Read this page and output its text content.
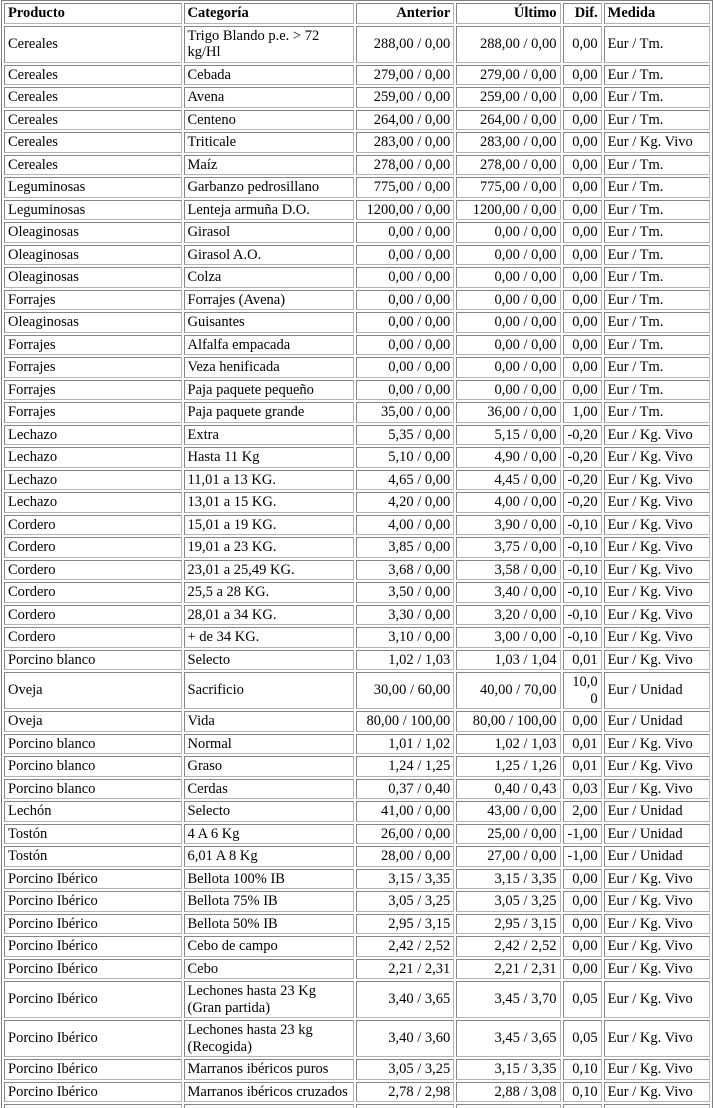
Producto	Categoría	Anterior	Último	Dif.	Medida
Cereales	Trigo Blando p.e. > 72 kg/Hl	288,00 / 0,00	288,00 / 0,00	0,00	Eur / Tm.
Cereales	Cebada	279,00 / 0,00	279,00 / 0,00	0,00	Eur / Tm.
Cereales	Avena	259,00 / 0,00	259,00 / 0,00	0,00	Eur / Tm.
Cereales	Centeno	264,00 / 0,00	264,00 / 0,00	0,00	Eur / Tm.
Cereales	Triticale	283,00 / 0,00	283,00 / 0,00	0,00	Eur / Kg. Vivo
Cereales	Maíz	278,00 / 0,00	278,00 / 0,00	0,00	Eur / Tm.
Leguminosas	Garbanzo pedrosillano	775,00 / 0,00	775,00 / 0,00	0,00	Eur / Tm.
Leguminosas	Lenteja armuña D.O.	1200,00 / 0,00	1200,00 / 0,00	0,00	Eur / Tm.
Oleaginosas	Girasol	0,00 / 0,00	0,00 / 0,00	0,00	Eur / Tm.
Oleaginosas	Girasol A.O.	0,00 / 0,00	0,00 / 0,00	0,00	Eur / Tm.
Oleaginosas	Colza	0,00 / 0,00	0,00 / 0,00	0,00	Eur / Tm.
Forrajes	Forrajes (Avena)	0,00 / 0,00	0,00 / 0,00	0,00	Eur / Tm.
Oleaginosas	Guisantes	0,00 / 0,00	0,00 / 0,00	0,00	Eur / Tm.
Forrajes	Alfalfa empacada	0,00 / 0,00	0,00 / 0,00	0,00	Eur / Tm.
Forrajes	Veza henificada	0,00 / 0,00	0,00 / 0,00	0,00	Eur / Tm.
Forrajes	Paja paquete pequeño	0,00 / 0,00	0,00 / 0,00	0,00	Eur / Tm.
Forrajes	Paja paquete grande	35,00 / 0,00	36,00 / 0,00	1,00	Eur / Tm.
Lechazo	Extra	5,35 / 0,00	5,15 / 0,00	-0,20	Eur / Kg. Vivo
Lechazo	Hasta 11 Kg	5,10 / 0,00	4,90 / 0,00	-0,20	Eur / Kg. Vivo
Lechazo	11,01 a 13 KG.	4,65 / 0,00	4,45 / 0,00	-0,20	Eur / Kg. Vivo
Lechazo	13,01 a 15 KG.	4,20 / 0,00	4,00 / 0,00	-0,20	Eur / Kg. Vivo
Cordero	15,01 a 19 KG.	4,00 / 0,00	3,90 / 0,00	-0,10	Eur / Kg. Vivo
Cordero	19,01 a 23 KG.	3,85 / 0,00	3,75 / 0,00	-0,10	Eur / Kg. Vivo
Cordero	23,01 a 25,49 KG.	3,68 / 0,00	3,58 / 0,00	-0,10	Eur / Kg. Vivo
Cordero	25,5 a 28 KG.	3,50 / 0,00	3,40 / 0,00	-0,10	Eur / Kg. Vivo
Cordero	28,01 a 34 KG.	3,30 / 0,00	3,20 / 0,00	-0,10	Eur / Kg. Vivo
Cordero	+ de 34 KG.	3,10 / 0,00	3,00 / 0,00	-0,10	Eur / Kg. Vivo
Porcino blanco	Selecto	1,02 / 1,03	1,03 / 1,04	0,01	Eur / Kg. Vivo
Oveja	Sacrificio	30,00 / 60,00	40,00 / 70,00	10,00	Eur / Unidad
Oveja	Vida	80,00 / 100,00	80,00 / 100,00	0,00	Eur / Unidad
Porcino blanco	Normal	1,01 / 1,02	1,02 / 1,03	0,01	Eur / Kg. Vivo
Porcino blanco	Graso	1,24 / 1,25	1,25 / 1,26	0,01	Eur / Kg. Vivo
Porcino blanco	Cerdas	0,37 / 0,40	0,40 / 0,43	0,03	Eur / Kg. Vivo
Lechón	Selecto	41,00 / 0,00	43,00 / 0,00	2,00	Eur / Unidad
Tostón	4 A 6 Kg	26,00 / 0,00	25,00 / 0,00	-1,00	Eur / Unidad
Tostón	6,01 A 8 Kg	28,00 / 0,00	27,00 / 0,00	-1,00	Eur / Unidad
Porcino Ibérico	Bellota 100% IB	3,15 / 3,35	3,15 / 3,35	0,00	Eur / Kg. Vivo
Porcino Ibérico	Bellota 75% IB	3,05 / 3,25	3,05 / 3,25	0,00	Eur / Kg. Vivo
Porcino Ibérico	Bellota 50% IB	2,95 / 3,15	2,95 / 3,15	0,00	Eur / Kg. Vivo
Porcino Ibérico	Cebo de campo	2,42 / 2,52	2,42 / 2,52	0,00	Eur / Kg. Vivo
Porcino Ibérico	Cebo	2,21 / 2,31	2,21 / 2,31	0,00	Eur / Kg. Vivo
Porcino Ibérico	Lechones hasta 23 Kg (Gran partida)	3,40 / 3,65	3,45 / 3,70	0,05	Eur / Kg. Vivo
Porcino Ibérico	Lechones hasta 23 kg (Recogida)	3,40 / 3,60	3,45 / 3,65	0,05	Eur / Kg. Vivo
Porcino Ibérico	Marranos ibéricos puros	3,05 / 3,25	3,15 / 3,35	0,10	Eur / Kg. Vivo
Porcino Ibérico	Marranos ibéricos cruzados	2,78 / 2,98	2,88 / 3,08	0,10	Eur / Kg. Vivo
